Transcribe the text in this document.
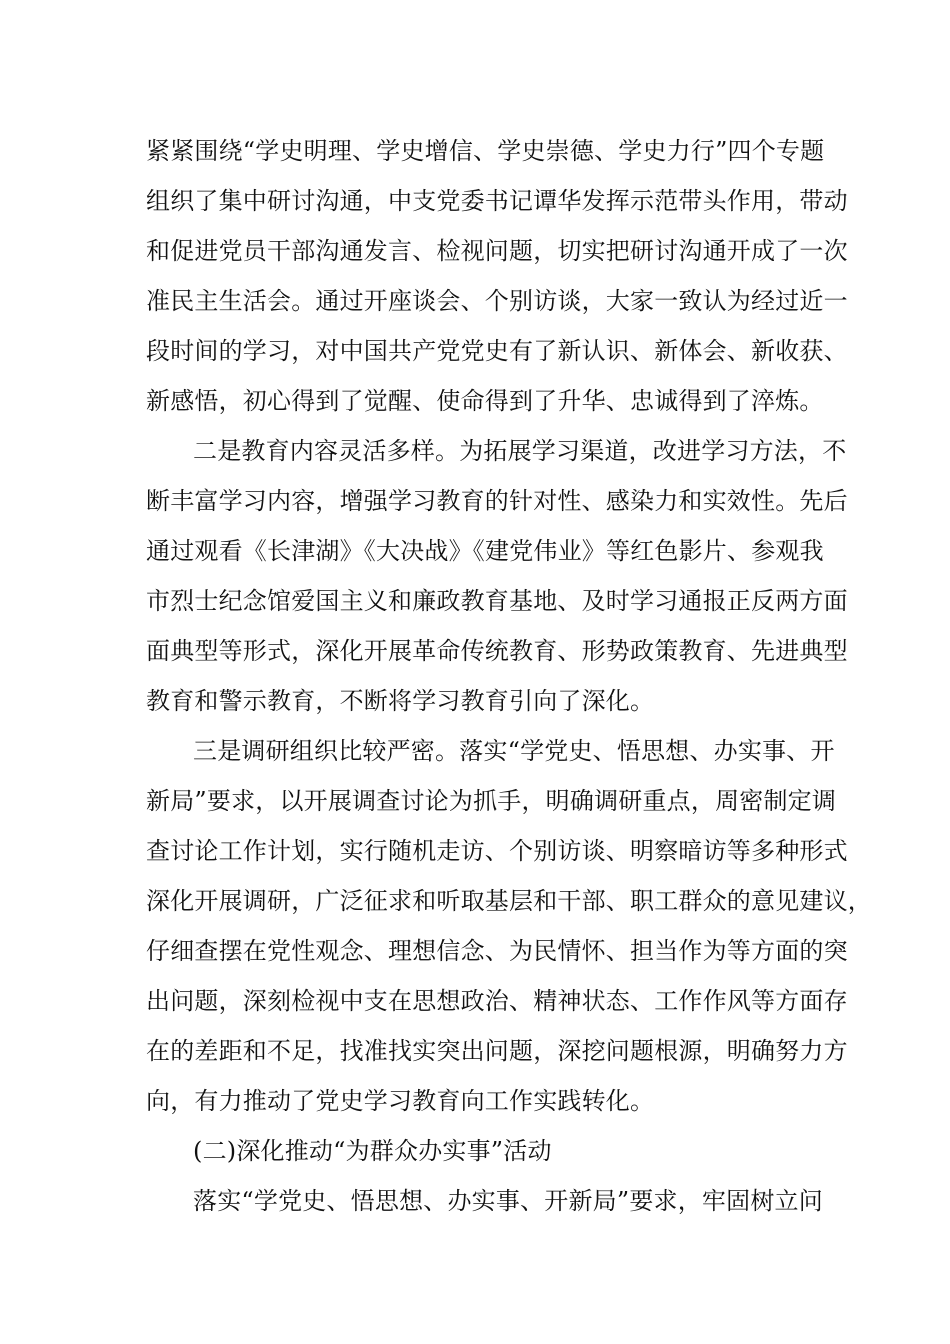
紧紧围绕“学史明理、学史增信、学史崇德、学史力行”四个专题
组织了集中研讨沟通，中支党委书记谭华发挥示范带头作用，带动
和促进党员干部沟通发言、检视问题，切实把研讨沟通开成了一次
准民主生活会。通过开座谈会、个别访谈，大家一致认为经过近一
段时间的学习，对中国共产党党史有了新认识、新体会、新收获、
新感悟，初心得到了觉醒、使命得到了升华、忠诚得到了淬炼。
二是教育内容灵活多样。为拓展学习渠道，改进学习方法，不
断丰富学习内容，增强学习教育的针对性、感染力和实效性。先后
通过观看《长津湖》《大决战》《建党伟业》等红色影片、参观我
市烈士纪念馆爱国主义和廉政教育基地、及时学习通报正反两方面
面典型等形式，深化开展革命传统教育、形势政策教育、先进典型
教育和警示教育，不断将学习教育引向了深化。
三是调研组织比较严密。落实“学党史、悟思想、办实事、开
新局”要求，以开展调查讨论为抓手，明确调研重点，周密制定调
查讨论工作计划，实行随机走访、个别访谈、明察暗访等多种形式
深化开展调研，广泛征求和听取基层和干部、职工群众的意见建议，
仔细查摆在党性观念、理想信念、为民情怀、担当作为等方面的突
出问题，深刻检视中支在思想政治、精神状态、工作作风等方面存
在的差距和不足，找准找实突出问题，深挖问题根源，明确努力方
向，有力推动了党史学习教育向工作实践转化。
(二)深化推动“为群众办实事”活动
落实“学党史、悟思想、办实事、开新局”要求，牢固树立问
